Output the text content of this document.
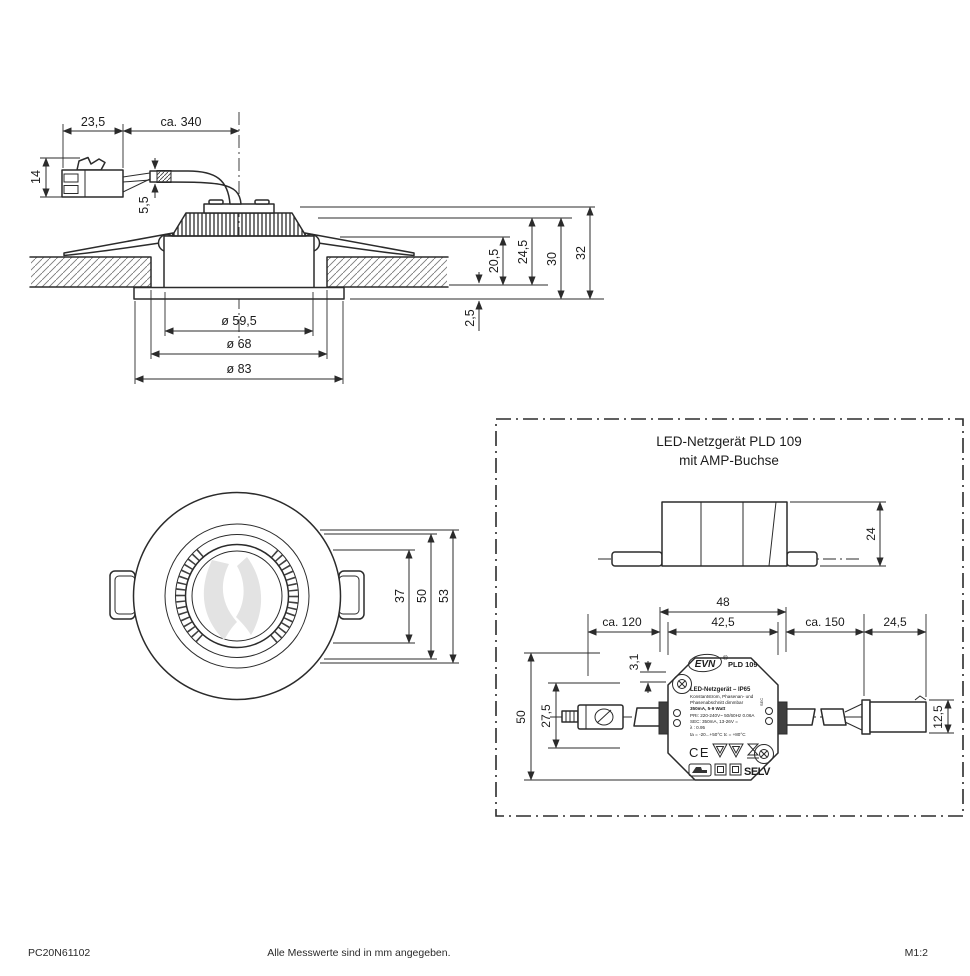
23,5	ca. 340
14
5,5
20,5 24,5 30 32
2,5
ø 59,5
ø 68
ø 83
37 50 53
LED-Netzgerät PLD 109
mit AMP-Buchse
24
SEC
EVN
®
PLD 109
LED-Netzgerät – IP65
Konstantstrom, Phasenan- und
Phasenabschnitt dimmbar
350mA, 5-9 Watt
PRI: 220-240V~ 50/60Hz 0.06A
SEC: 350mA, 13-26V =
λ : 0.95
ta = -20...+50°C tc = +80°C
CE
SELV
48
42,5
ca. 120	ca. 150	24,5
3,1
27,5
50	12,5
PC20N61102	Alle Messwerte sind in mm angegeben.	M1:2
